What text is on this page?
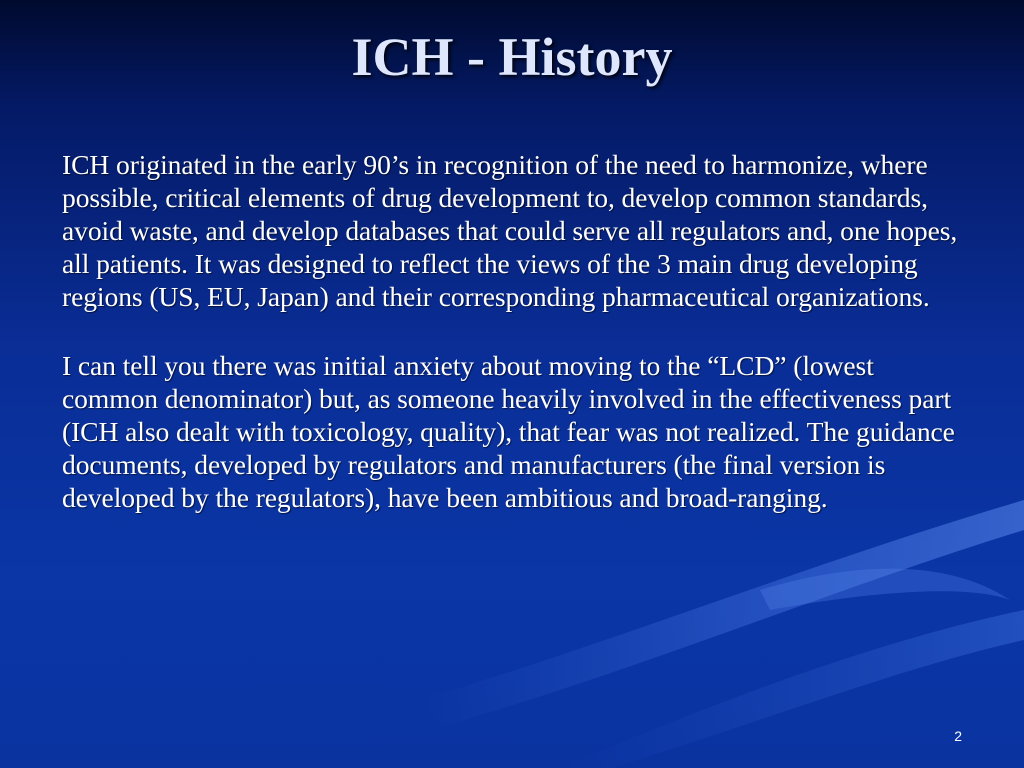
ICH - History

ICH originated in the early 90’s in recognition of the need to harmonize, where possible, critical elements of drug development to, develop common standards, avoid waste, and develop databases that could serve all regulators and, one hopes, all patients. It was designed to reflect the views of the 3 main drug developing regions (US, EU, Japan) and their corresponding pharmaceutical organizations.

I can tell you there was initial anxiety about moving to the “LCD” (lowest common denominator) but, as someone heavily involved in the effectiveness part (ICH also dealt with toxicology, quality), that fear was not realized. The guidance documents, developed by regulators and manufacturers (the final version is developed by the regulators), have been ambitious and broad-ranging.

2
